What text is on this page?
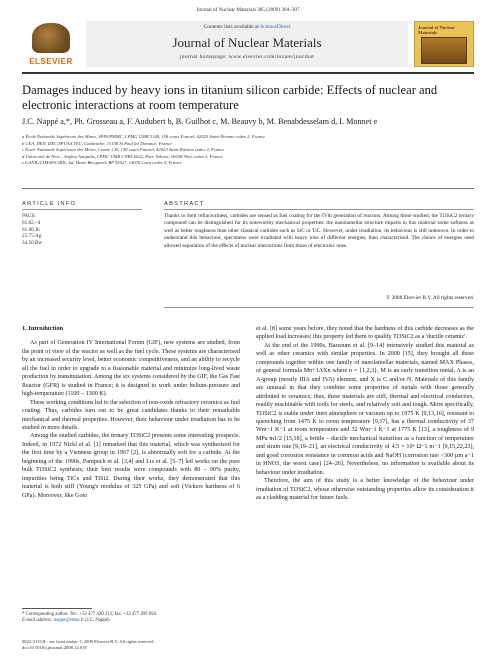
Journal of Nuclear Materials 385 (2009) 304–307
ELSEVIER
Contents lists available at ScienceDirect
Journal of Nuclear Materials
journal homepage: www.elsevier.com/locate/jnucmat
Journal of Nuclear Materials
Damages induced by heavy ions in titanium silicon carbide: Effects of nuclear and electronic interactions at room temperature
J.C. Nappé a,*, Ph. Grosseau a, F. Audubert b, B. Guilhot c, M. Beauvy b, M. Benabdesselam d, I. Monnet e
a École Nationale Supérieure des Mines, SPIN/PMMC, LPMG UMR 5148, 158 cours Fauriel, 42023 Saint-Étienne cedex 2, France
b CEA, DEN, DEC/SPUA/LTEC, Cadarache, 13108 St Paul lez Durance, France
c École Nationale Supérieure des Mines, Centre CIS, 158 cours Fauriel, 42023 Saint-Étienne cedex 2, France
d Université de Nice – Sophia Antipolis, LPMC UMR CNRS 6622, Parc Valrose, 06108 Nice cedex 2, France
e GANIL/CIMAP/CIRIL, bd. Henri Becquerel, BP 55027, 14076 Caen cedex 5, France
ARTICLE INFO	ABSTRACT
PACS:
61.82.–d
61.80.Jh
25.75.Ag
34.50.Bw
Thanks to their refractoriness, carbides are sensed as fuel coating for the IVth generation of reactors. Among those studied, the Ti3SiC2 ternary compound can be distinguished for its noteworthy mechanical properties: the nanolamellar structure imparts to this material some softness as well as better toughness than other classical carbides such as SiC or TiC. However, under irradiation, its behaviour is still unknown. In order to understand this behaviour, specimens were irradiated with heavy ions of different energies, then characterised. The choice of energies used allowed separation of the effects of nuclear interactions from those of electronic ones.
© 2008 Elsevier B.V. All rights reserved.

1. Introduction

As part of Generation IV International Forum (GIF), new systems are studied, from the point of view of the reactor as well as the fuel cycle. These systems are characterised by an increased security level, better economic competitiveness, and an ability to recycle all the fuel in order to upgrade to a fissionable material and minimize long-lived waste production by transmutation. Among the six systems considered by the GIF, the Gas Fast Reactor (GFR) is studied in France; it is designed to work under helium-pressure and high-temperature (1100 – 1300 K).

These working conditions led to the selection of non-oxide refractory ceramics as fuel coating. Thus, carbides turn out to be great candidates thanks to their remarkable mechanical and thermal properties. However, their behaviour under irradiation has to be studied in more details.

Among the studied carbides, the ternary Ti3SiC2 presents some interesting prospects. Indeed, in 1972 Nickl et al. [1] remarked that this material, which was synthesized for the first time by a Viennese group in 1967 [2], is abnormally soft for a carbide. At the beginning of the 1990s, Pampuch et al. [3,4] and Lis et al. [5–7] led works on the pure bulk Ti3SiC2 synthesis; their best results were compounds with 80 – 90% purity, impurities being TiCx and TiSi2. During their works, they demonstrated that this material is both stiff (Young's modulus of 325 GPa) and soft (Vickers hardness of 6 GPa). Moreover, like Goto

et al. [8] some years before, they noted that the hardness of this carbide decreases as the applied load increases; this property led them to qualify Ti3SiC2 as a 'ductile ceramic'.

At the end of the 1990s, Barsoum et al. [9–14] intensively studied this material as well as other ceramics with similar properties. In 2000 [15], they brought all these compounds together within one family of nanolamellar materials, named MAX Phases, of general formula Mn+1AXn where n = {1,2,3}, M is an early transition metal, A is an A-group (mostly IIIA and IVA) element, and X is C and/or N. Materials of this family are unusual in that they combine some properties of metals with those generally attributed to ceramics; thus, these materials are stiff, thermal and electrical conductors, readily machinable with tools for steels, and relatively soft and tough. More specifically, Ti3SiC2 is stable under inert atmosphere or vacuum up to 1975 K [9,13,16], resistant to quenching from 1475 K to room temperature [9,17], has a thermal conductivity of 37 Wm−1 K−1 at room temperature and 32 Wm−1 K−1 at 1775 K [13], a toughness of 9 MPa m1/2 [15,18], a brittle – ductile mechanical transition as a function of temperature and strain rate [9,19–21], an electrical conductivity of 4.5 × 10⁶ Ω−1 m−1 [9,15,22,23], and good corrosion resistance in common acids and NaOH (corrosion rate <300 µm a−1 in HNO3, the worst case) [24–26]. Nevertheless, no information is available about its behaviour under irradiation.

Therefore, the aim of this study is a better knowledge of the behaviour under irradiation of Ti3SiC2, whose otherwise outstanding properties allow its consideration it as a cladding material for future fuels.

* Corresponding author. Tel.: +33 477 420 213; fax: +33 477 499 694.
E-mail address: nappe@emse.fr (J.C. Nappé).
0022-3115/$ - see front matter © 2008 Elsevier B.V. All rights reserved.
doi:10.1016/j.jnucmat.2008.12.018
